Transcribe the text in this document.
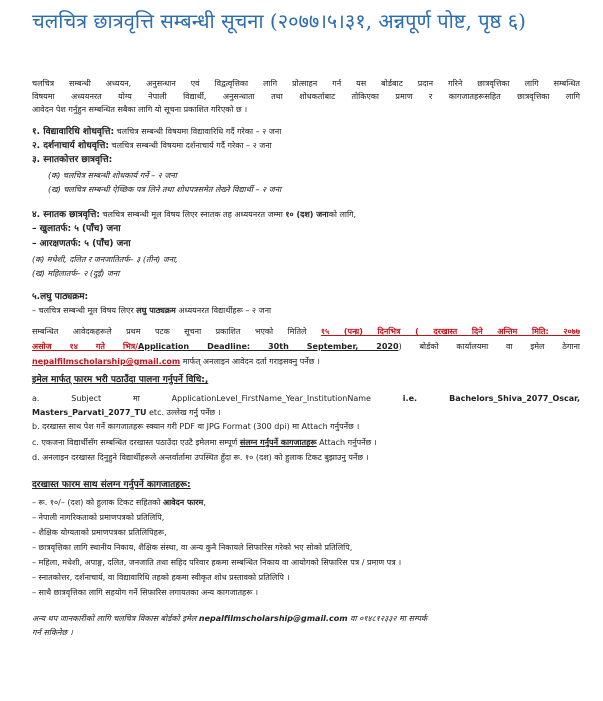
चलचित्र छात्रवृत्ति सम्बन्धी सूचना (२०७७।५।३१, अन्नपूर्ण पोष्ट, पृष्ठ ६)
चलचित्र सम्बन्धी अध्ययन, अनुसन्धान एवं विद्वत्वृत्तिका लागि प्रोत्साहन गर्न यस बोर्डबाट प्रदान गरिने छात्रवृत्तिका लागि सम्बन्धित
विषयमा अध्ययनरत योग्य नेपाली विद्यार्थी, अनुसन्धाता तथा शोधकर्ताबाट तोकिएका प्रमाण र कागजातहरूसहित छात्रवृत्तिका लागि
आवेदन पेश गर्नुहुन सम्बन्धित सबैका लागि यो सूचना प्रकाशित गरिएको छ ।
१. विद्यावारिधि शोधवृत्ति: चलचित्र सम्बन्धी विषयमा विद्यावारिधि गर्दै गरेका – २ जना
२. दर्शनाचार्य शोधवृत्ति: चलचित्र सम्बन्धी विषयमा दर्शनाचार्य गर्दै गरेका – २ जना
३. स्नातकोत्तर छात्रवृत्ति:
(क) चलचित्र सम्बन्धी शोधकार्य गर्ने – २ जना
(ख) चलचित्र सम्बन्धी ऐच्छिक पत्र लिने तथा शोधपत्रसमेत लेख्ने विद्यार्थी – २ जना
४. स्नातक छात्रवृत्ति: चलचित्र सम्बन्धी मूल विषय लिएर स्नातक तह अध्ययनरत जम्मा १० (दश) जनाको लागि,
– खुलातर्फ: ५ (पाँच) जना
– आरक्षणतर्फ: ५ (पाँच) जना
(क) मधेशी, दलित र जनजातितर्फ– ३ (तीन) जना,
(ख) महिलातर्फ– २ (दुई) जना
५.लघु पाठ्यक्रम:
– चलचित्र सम्बन्धी मूल विषय लिएर लघु पाठ्यक्रम अध्ययनरत विद्यार्थीहरू – २ जना
सम्बन्धित आवेदकहरूले प्रथम पटक सूचना प्रकाशित भएको मितिले १५ (पन्ध्र) दिनभित्र ( दरखास्त दिने अन्तिम मिति: २०७७
असोज १४ गते भित्र/Application Deadline: 30th September, 2020) बोर्डको कार्यालयमा वा इमेल ठेगाना
nepalfilmscholarship@gmail.com मार्फत् अनलाइन आवेदन दर्ता गराइसक्नु पर्नेछ ।
इमेल मार्फत् फारम भरी पठाउँदा पालना गर्नुपर्ने विधि:,
a. Subject मा ApplicationLevel_FirstName_Year_InstitutionName i.e. Bachelors_Shiva_2077_Oscar,
Masters_Parvati_2077_TU etc. उल्लेख गर्नु पर्नेछ ।
b. दरखास्त साथ पेश गर्ने कागजातहरू स्क्यान गरी PDF वा JPG Format (300 dpi) मा Attach गर्नुपर्नेछ ।
c. एकजना विद्यार्थीसँग सम्बन्धित दरखास्त पठाउँदा एउटै इमेलमा सम्पूर्ण संलग्न गर्नुपर्ने कागजातहरू Attach गर्नुपर्नेछ ।
d. अनलाइन दरखास्त दिनुहुने विद्यार्थीहरूले अन्तर्वार्तामा उपस्थित हुँदा रू. १० (दश) को हुलाक टिकट बुझाउनु पर्नेछ ।
दरखास्त फारम साथ संलग्न गर्नुपर्ने कागजातहरू:
– रू. १०/– (दश) को हुलाक टिकट सहितको आवेदन फारम,
– नेपाली नागरिकताको प्रमाणपत्रको प्रतिलिपि,
– शैक्षिक योग्यताको प्रमाणपत्रका प्रतिलिपिहरू,
– छात्रवृत्तिका लागि स्थानीय निकाय, शैक्षिक संस्था, वा अन्य कुनै निकायले सिफारिस गरेको भए सोको प्रतिलिपि,
– महिला, मधेशी, अपाङ्ग, दलित, जनजाति तथा सहिद परिवार हकमा सम्बन्धित निकाय वा आयोगको सिफारिस पत्र / प्रमाण पत्र ।
– स्नातकोत्तर, दर्शनाचार्य, वा विद्यावारिधि तहको हकमा स्वीकृत शोध प्रस्तावको प्रतिलिपि ।
– साथै छात्रवृत्तिका लागि सहयोग गर्ने सिफारिस लगायतका अन्य कागजातहरू ।
अन्य थप जानकारीको लागि चलचित्र विकास बोर्डको इमेल nepalfilmscholarship@gmail.com वा ०१४८१२३३२ मा सम्पर्क
गर्न सकिनेछ ।
